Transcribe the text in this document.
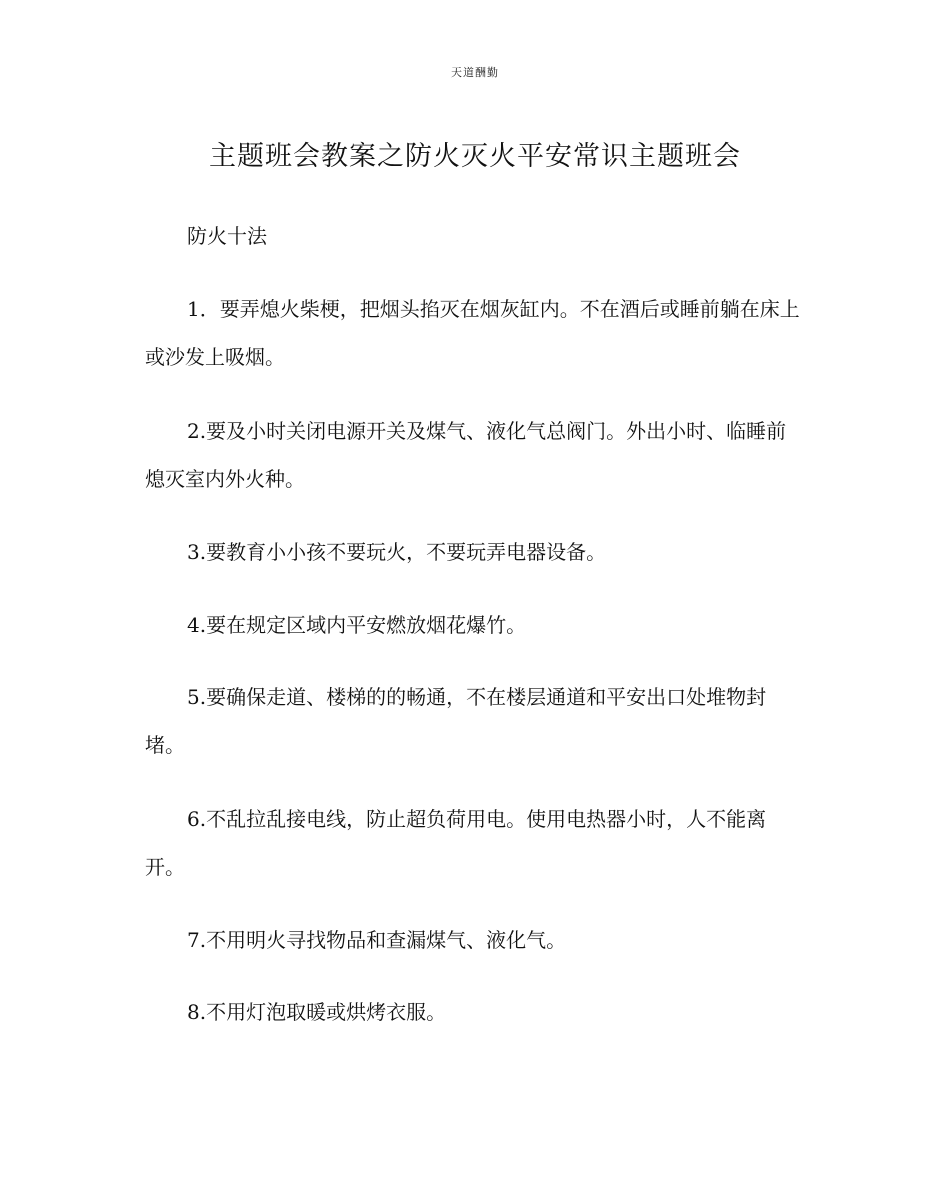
天道酬勤
主题班会教案之防火灭火平安常识主题班会
防火十法
1．要弄熄火柴梗，把烟头掐灭在烟灰缸内。不在酒后或睡前躺在床上或沙发上吸烟。
2.要及小时关闭电源开关及煤气、液化气总阀门。外出小时、临睡前熄灭室内外火种。
3.要教育小小孩不要玩火，不要玩弄电器设备。
4.要在规定区域内平安燃放烟花爆竹。
5.要确保走道、楼梯的的畅通，不在楼层通道和平安出口处堆物封堵。
6.不乱拉乱接电线，防止超负荷用电。使用电热器小时，人不能离开。
7.不用明火寻找物品和查漏煤气、液化气。
8.不用灯泡取暖或烘烤衣服。
